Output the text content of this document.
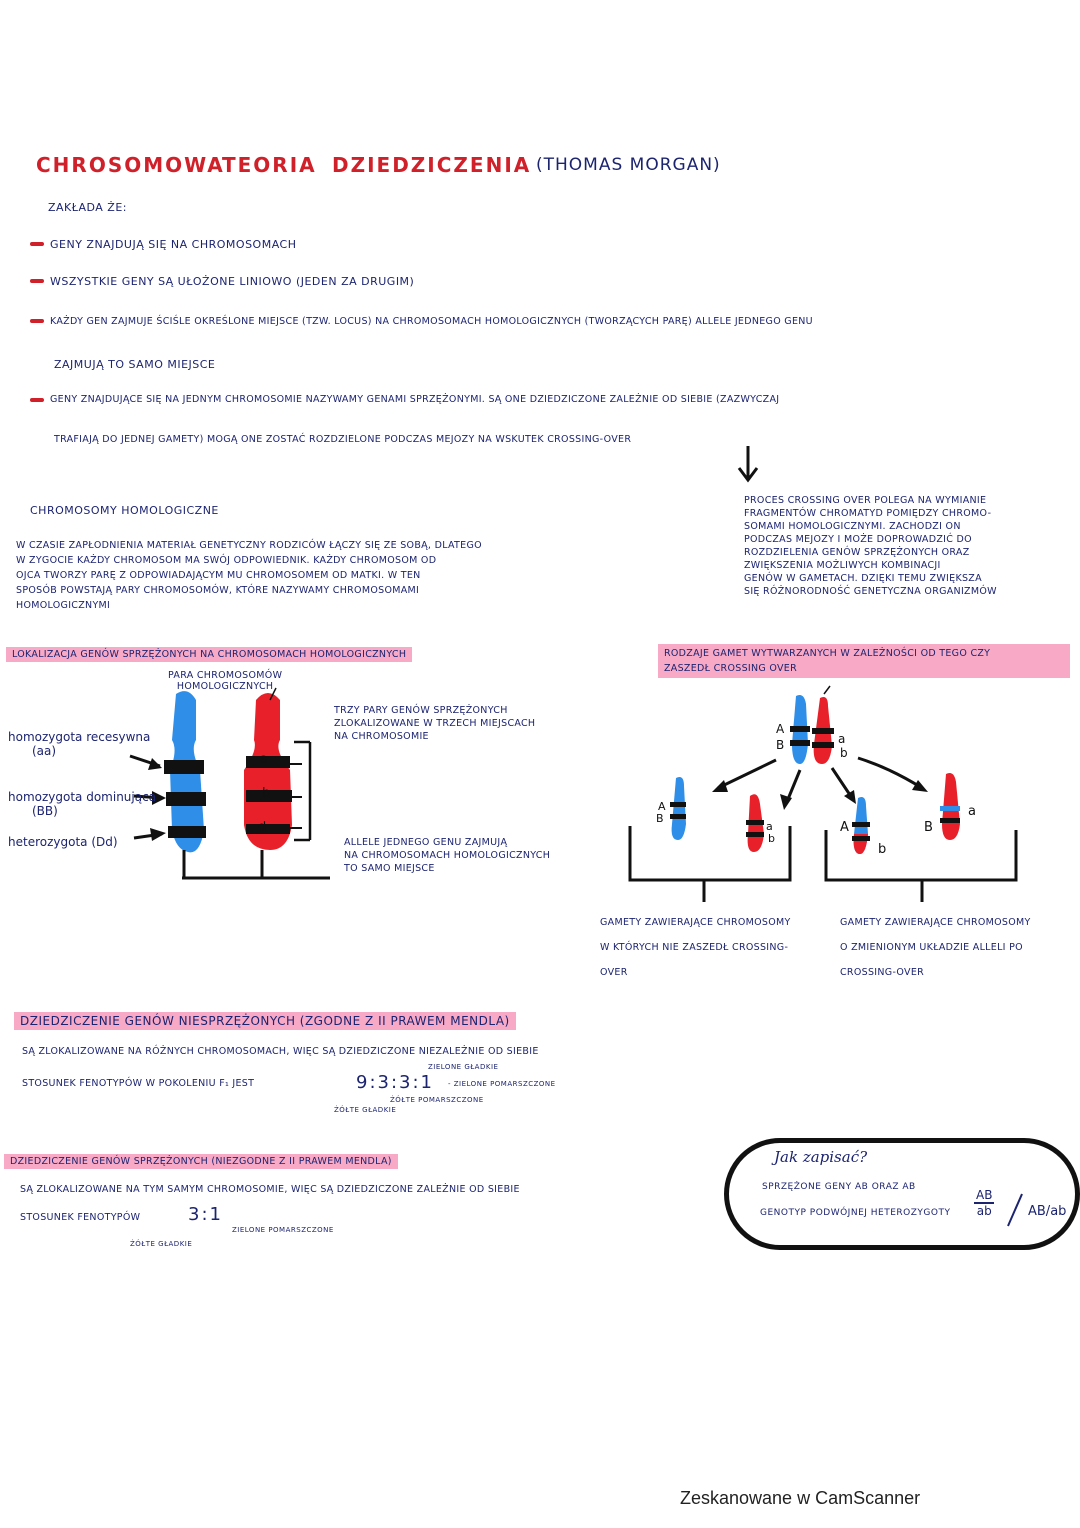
CHROSOMOWA
TEORIA DZIEDZICZENIA (THOMAS MORGAN)
ZAKŁADA ŻE:
GENY ZNAJDUJĄ SIĘ NA CHROMOSOMACH
WSZYSTKIE GENY SĄ UŁOŻONE LINIOWO (JEDEN ZA DRUGIM)
KAŻDY GEN ZAJMUJE ŚCIŚLE OKREŚLONE MIEJSCE (TZW. LOCUS) NA CHROMOSOMACH HOMOLOGICZNYCH (TWORZĄCYCH PARĘ) ALLELE JEDNEGO GENU
ZAJMUJĄ TO SAMO MIEJSCE
GENY ZNAJDUJĄCE SIĘ NA JEDNYM CHROMOSOMIE NAZYWAMY GENAMI SPRZĘŻONYMI. SĄ ONE DZIEDZICZONE ZALEŻNIE OD SIEBIE (ZAZWYCZAJ
TRAFIAJĄ DO JEDNEJ GAMETY) MOGĄ ONE ZOSTAĆ ROZDZIELONE PODCZAS MEJOZY NA WSKUTEK CROSSING-OVER
PROCES CROSSING OVER POLEGA NA WYMIANIE
FRAGMENTÓW CHROMATYD POMIĘDZY CHROMO-
SOMAMI HOMOLOGICZNYMI. ZACHODZI ON
PODCZAS MEJOZY I MOŻE DOPROWADZIĆ DO
ROZDZIELENIA GENÓW SPRZĘŻONYCH ORAZ
ZWIĘKSZENIA MOŻLIWYCH KOMBINACJI
GENÓW W GAMETACH. DZIĘKI TEMU ZWIĘKSZA
SIĘ RÓŻNORODNOŚĆ GENETYCZNA ORGANIZMÓW
CHROMOSOMY HOMOLOGICZNE
W CZASIE ZAPŁODNIENIA MATERIAŁ GENETYCZNY RODZICÓW ŁĄCZY SIĘ ZE SOBĄ, DLATEGO
W ZYGOCIE KAŻDY CHROMOSOM MA SWÓJ ODPOWIEDNIK. KAŻDY CHROMOSOM OD
OJCA TWORZY PARĘ Z ODPOWIADAJĄCYM MU CHROMOSOMEM OD MATKI. W TEN
SPOSÓB POWSTAJĄ PARY CHROMOSOMÓW, KTÓRE NAZYWAMY CHROMOSOMAMI
HOMOLOGICZNYMI
LOKALIZACJA GENÓW SPRZĘŻONYCH NA CHROMOSOMACH HOMOLOGICZNYCH
PARA CHROMOSOMÓW
HOMOLOGICZNYCH
a
b
d
homozygota recesywna
(aa)
homozygota dominująca
(BB)
heterozygota (Dd)
TRZY PARY GENÓW SPRZĘŻONYCH
ZLOKALIZOWANE W TRZECH MIEJSCACH
NA CHROMOSOMIE
ALLELE JEDNEGO GENU ZAJMUJĄ
NA CHROMOSOMACH HOMOLOGICZNYCH
TO SAMO MIEJSCE
RODZAJE GAMET WYTWARZANYCH W ZALEŻNOŚCI OD TEGO CZY
ZASZEDŁ CROSSING OVER
A
B	a
b
A
B
a
b
A
b
B
a
GAMETY ZAWIERAJĄCE CHROMOSOMY
W KTÓRYCH NIE ZASZEDŁ CROSSING-
OVER
GAMETY ZAWIERAJĄCE CHROMOSOMY
O ZMIENIONYM UKŁADZIE ALLELI PO
CROSSING-OVER
DZIEDZICZENIE GENÓW NIESPRZĘŻONYCH (ZGODNE Z II PRAWEM MENDLA)
SĄ ZLOKALIZOWANE NA RÓŻNYCH CHROMOSOMACH, WIĘC SĄ DZIEDZICZONE NIEZALEŻNIE OD SIEBIE
STOSUNEK FENOTYPÓW W POKOLENIU F₁ JEST	9:3:3:1
ZIELONE GŁADKIE
- ZIELONE POMARSZCZONE
ŻÓŁTE POMARSZCZONE
ŻÓŁTE GŁADKIE
DZIEDZICZENIE GENÓW SPRZĘŻONYCH (NIEZGODNE Z II PRAWEM MENDLA)
SĄ ZLOKALIZOWANE NA TYM SAMYM CHROMOSOMIE, WIĘC SĄ DZIEDZICZONE ZALEŻNIE OD SIEBIE
STOSUNEK FENOTYPÓW	3:1
ZIELONE POMARSZCZONE
ŻÓŁTE GŁADKIE
Jak zapisać?
SPRZĘŻONE GENY AB ORAZ AB
GENOTYP PODWÓJNEJ HETEROZYGOTY
AB
ab	AB/ab
Zeskanowane w CamScanner
